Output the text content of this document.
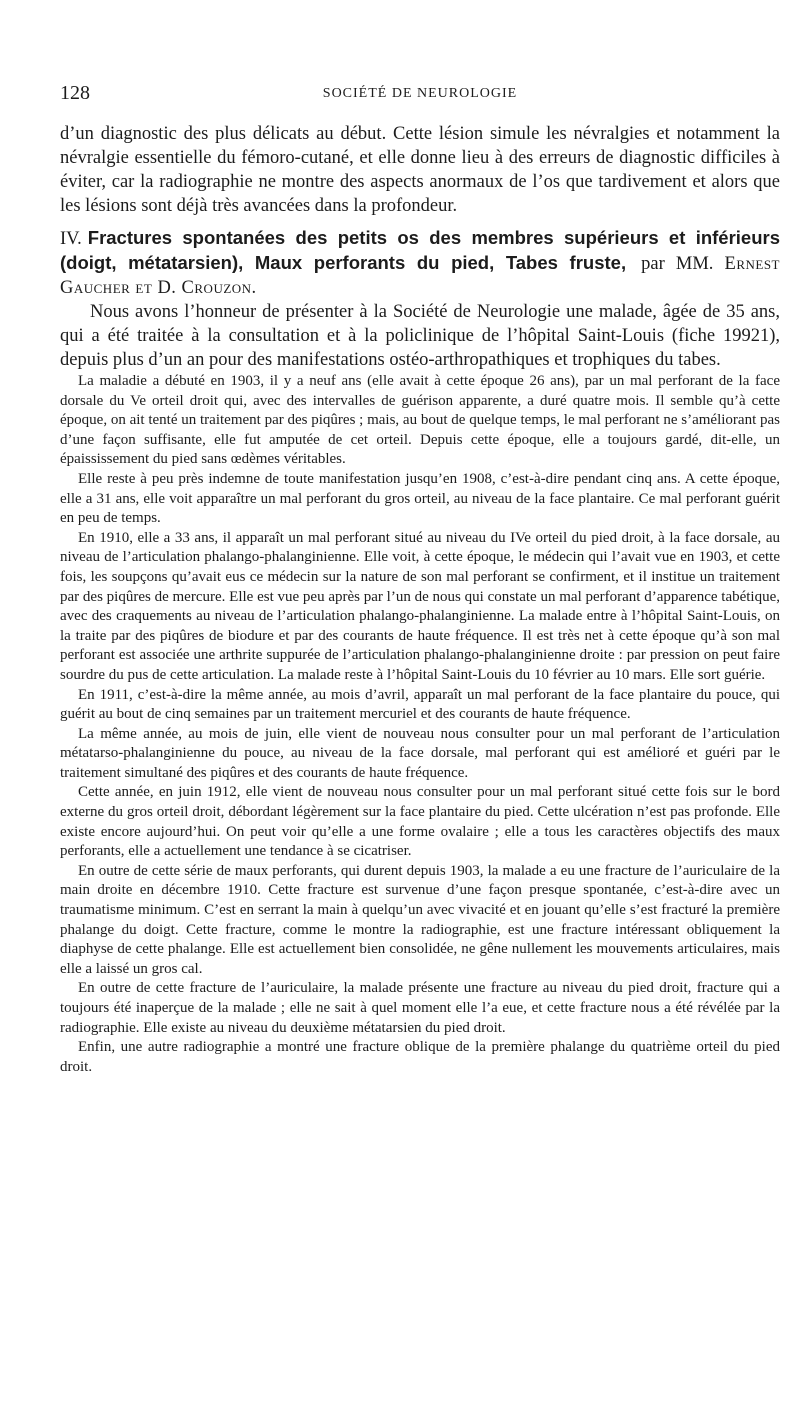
128	SOCIÉTÉ DE NEUROLOGIE

d’un diagnostic des plus délicats au début. Cette lésion simule les névralgies et notamment la névralgie essentielle du fémoro-cutané, et elle donne lieu à des erreurs de diagnostic difficiles à éviter, car la radiographie ne montre des aspects anormaux de l’os que tardivement et alors que les lésions sont déjà très avancées dans la profondeur.

IV. Fractures spontanées des petits os des membres supérieurs et inférieurs (doigt, métatarsien), Maux perforants du pied, Tabes fruste, par MM. Ernest Gaucher et D. Crouzon.

Nous avons l’honneur de présenter à la Société de Neurologie une malade, âgée de 35 ans, qui a été traitée à la consultation et à la policlinique de l’hôpital Saint-Louis (fiche 19921), depuis plus d’un an pour des manifestations ostéo-arthropathiques et trophiques du tabes.

La maladie a débuté en 1903, il y a neuf ans (elle avait à cette époque 26 ans), par un mal perforant de la face dorsale du Ve orteil droit qui, avec des intervalles de guérison apparente, a duré quatre mois. Il semble qu’à cette époque, on ait tenté un traitement par des piqûres ; mais, au bout de quelque temps, le mal perforant ne s’améliorant pas d’une façon suffisante, elle fut amputée de cet orteil. Depuis cette époque, elle a toujours gardé, dit-elle, un épaississement du pied sans œdèmes véritables.

Elle reste à peu près indemne de toute manifestation jusqu’en 1908, c’est-à-dire pendant cinq ans. A cette époque, elle a 31 ans, elle voit apparaître un mal perforant du gros orteil, au niveau de la face plantaire. Ce mal perforant guérit en peu de temps.

En 1910, elle a 33 ans, il apparaît un mal perforant situé au niveau du IVe orteil du pied droit, à la face dorsale, au niveau de l’articulation phalango-phalanginienne. Elle voit, à cette époque, le médecin qui l’avait vue en 1903, et cette fois, les soupçons qu’avait eus ce médecin sur la nature de son mal perforant se confirment, et il institue un traitement par des piqûres de mercure. Elle est vue peu après par l’un de nous qui constate un mal perforant d’apparence tabétique, avec des craquements au niveau de l’articulation phalango-phalanginienne. La malade entre à l’hôpital Saint-Louis, on la traite par des piqûres de biodure et par des courants de haute fréquence. Il est très net à cette époque qu’à son mal perforant est associée une arthrite suppurée de l’articulation phalango-phalanginienne droite : par pression on peut faire sourdre du pus de cette articulation. La malade reste à l’hôpital Saint-Louis du 10 février au 10 mars. Elle sort guérie.

En 1911, c’est-à-dire la même année, au mois d’avril, apparaît un mal perforant de la face plantaire du pouce, qui guérit au bout de cinq semaines par un traitement mercuriel et des courants de haute fréquence.

La même année, au mois de juin, elle vient de nouveau nous consulter pour un mal perforant de l’articulation métatarso-phalanginienne du pouce, au niveau de la face dorsale, mal perforant qui est amélioré et guéri par le traitement simultané des piqûres et des courants de haute fréquence.

Cette année, en juin 1912, elle vient de nouveau nous consulter pour un mal perforant situé cette fois sur le bord externe du gros orteil droit, débordant légèrement sur la face plantaire du pied. Cette ulcération n’est pas profonde. Elle existe encore aujourd’hui. On peut voir qu’elle a une forme ovalaire ; elle a tous les caractères objectifs des maux perforants, elle a actuellement une tendance à se cicatriser.

En outre de cette série de maux perforants, qui durent depuis 1903, la malade a eu une fracture de l’auriculaire de la main droite en décembre 1910. Cette fracture est survenue d’une façon presque spontanée, c’est-à-dire avec un traumatisme minimum. C’est en serrant la main à quelqu’un avec vivacité et en jouant qu’elle s’est fracturé la première phalange du doigt. Cette fracture, comme le montre la radiographie, est une fracture intéressant obliquement la diaphyse de cette phalange. Elle est actuellement bien consolidée, ne gêne nullement les mouvements articulaires, mais elle a laissé un gros cal.

En outre de cette fracture de l’auriculaire, la malade présente une fracture au niveau du pied droit, fracture qui a toujours été inaperçue de la malade ; elle ne sait à quel moment elle l’a eue, et cette fracture nous a été révélée par la radiographie. Elle existe au niveau du deuxième métatarsien du pied droit.

Enfin, une autre radiographie a montré une fracture oblique de la première phalange du quatrième orteil du pied droit.
